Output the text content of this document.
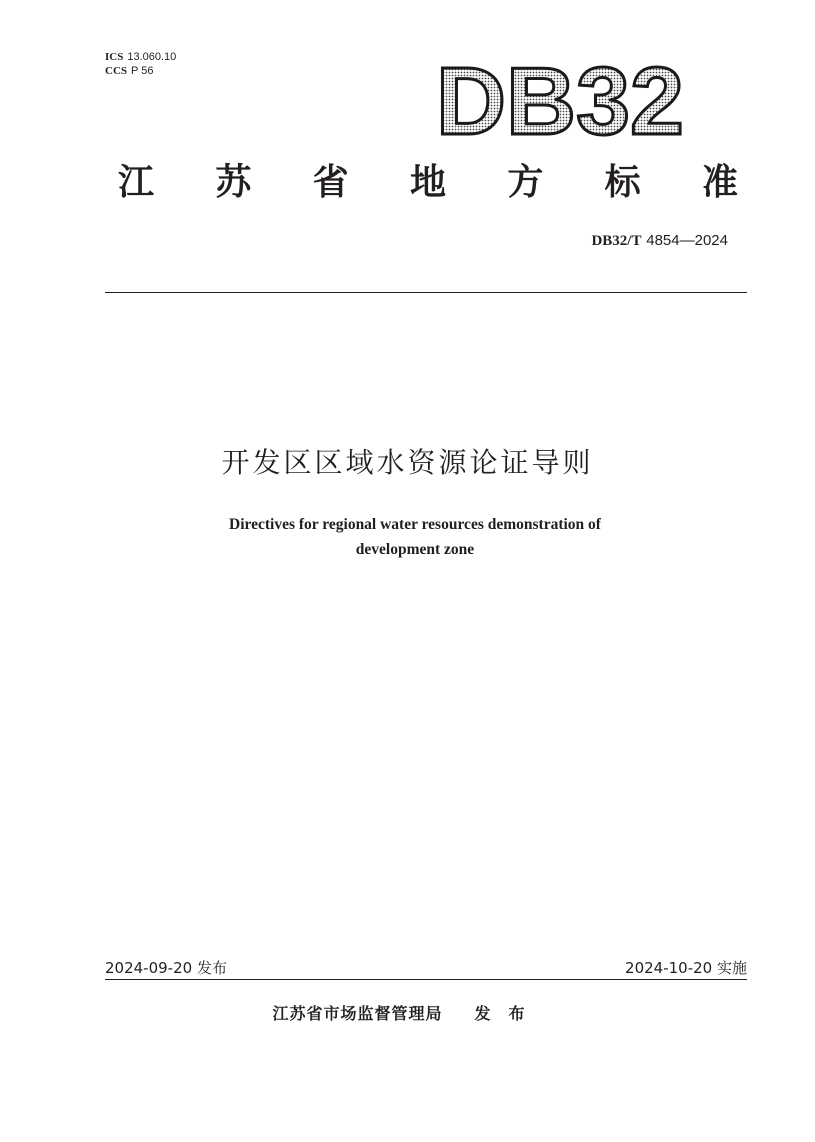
ICS 13.060.10
CCS P 56	DB32
江 苏 省 地 方 标 准
DB32/T 4854—2024
开发区区域水资源论证导则
Directives for regional water resources demonstration of
development zone
2024-09-20 发布	2024-10-20 实施
江苏省市场监督管理局 发布
